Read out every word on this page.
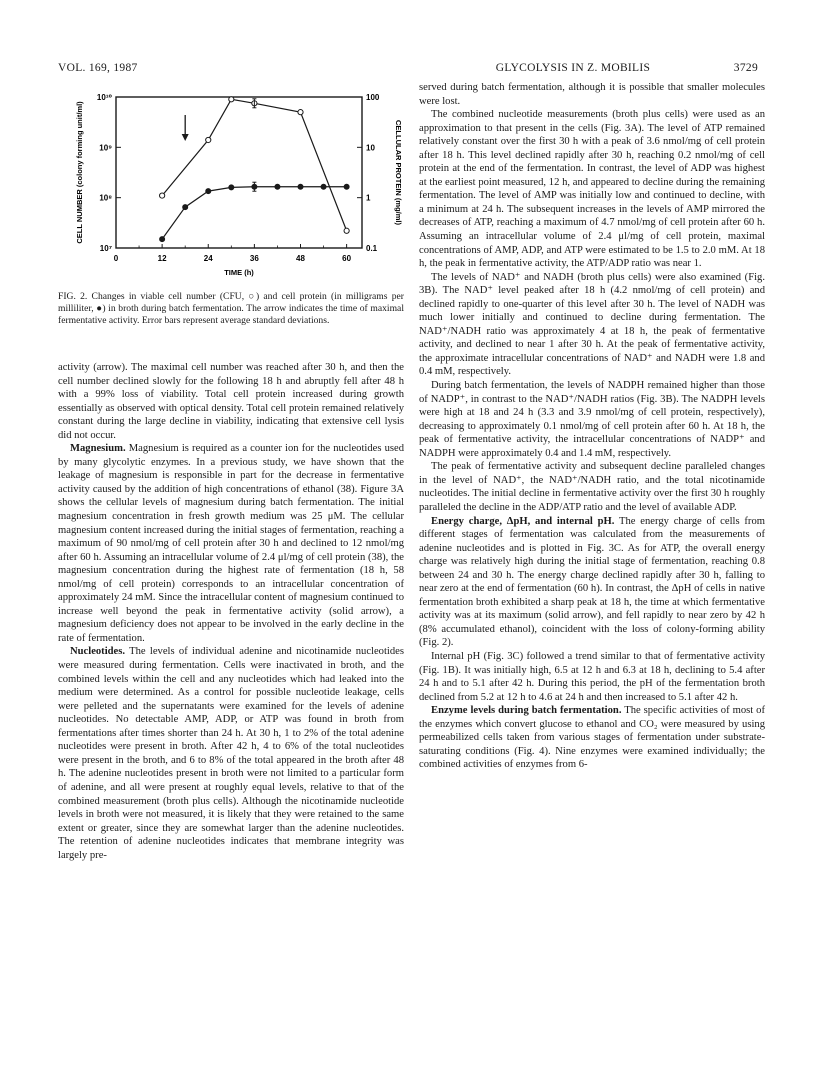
VOL. 169, 1987	GLYCOLYSIS IN Z. MOBILIS	3729
0	12	24	36	48	60
10¹⁰
10⁹
10⁸
10⁷
100
10
1
0.1
TIME (h)
CELL NUMBER (colony forming unit/ml)	CELLULAR PROTEIN (mg/ml)
FIG. 2. Changes in viable cell number (CFU, ○) and cell protein (in milligrams per milliliter, ●) in broth during batch fermentation. The arrow indicates the time of maximal fermentative activity. Error bars represent average standard deviations.

activity (arrow). The maximal cell number was reached after 30 h, and then the cell number declined slowly for the following 18 h and abruptly fell after 48 h with a 99% loss of viability. Total cell protein increased during growth essentially as observed with optical density. Total cell protein remained relatively constant during the large decline in viability, indicating that extensive cell lysis did not occur.

Magnesium. Magnesium is required as a counter ion for the nucleotides used by many glycolytic enzymes. In a previous study, we have shown that the leakage of magnesium is responsible in part for the decrease in fermentative activity caused by the addition of high concentrations of ethanol (38). Figure 3A shows the cellular levels of magnesium during batch fermentation. The initial magnesium concentration in fresh growth medium was 25 μM. The cellular magnesium content increased during the initial stages of fermentation, reaching a maximum of 90 nmol/mg of cell protein after 30 h and declined to 12 nmol/mg after 60 h. Assuming an intracellular volume of 2.4 μl/mg of cell protein (38), the magnesium concentration during the highest rate of fermentation (18 h, 58 nmol/mg of cell protein) corresponds to an intracellular concentration of approximately 24 mM. Since the intracellular content of magnesium continued to increase well beyond the peak in fermentative activity (solid arrow), a magnesium deficiency does not appear to be involved in the early decline in the rate of fermentation.

Nucleotides. The levels of individual adenine and nicotinamide nucleotides were measured during fermentation. Cells were inactivated in broth, and the combined levels within the cell and any nucleotides which had leaked into the medium were determined. As a control for possible nucleotide leakage, cells were pelleted and the supernatants were examined for the levels of adenine nucleotides. No detectable AMP, ADP, or ATP was found in broth from fermentations after times shorter than 24 h. At 30 h, 1 to 2% of the total adenine nucleotides were present in broth. After 42 h, 4 to 6% of the total nucleotides were present in the broth, and 6 to 8% of the total appeared in the broth after 48 h. The adenine nucleotides present in broth were not limited to a particular form of adenine, and all were present at roughly equal levels, relative to that of the combined measurement (broth plus cells). Although the nicotinamide nucleotide levels in broth were not measured, it is likely that they were retained to the same extent or greater, since they are somewhat larger than the adenine nucleotides. The retention of adenine nucleotides indicates that membrane integrity was largely pre-

served during batch fermentation, although it is possible that smaller molecules were lost.

The combined nucleotide measurements (broth plus cells) were used as an approximation to that present in the cells (Fig. 3A). The level of ATP remained relatively constant over the first 30 h with a peak of 3.6 nmol/mg of cell protein after 18 h. This level declined rapidly after 30 h, reaching 0.2 nmol/mg of cell protein at the end of the fermentation. In contrast, the level of ADP was highest at the earliest point measured, 12 h, and appeared to decline during the remaining fermentation. The level of AMP was initially low and continued to decline, with a minimum at 24 h. The subsequent increases in the levels of AMP mirrored the decreases of ATP, reaching a maximum of 4.7 nmol/mg of cell protein after 60 h. Assuming an intracellular volume of 2.4 μl/mg of cell protein, maximal concentrations of AMP, ADP, and ATP were estimated to be 1.5 to 2.0 mM. At 18 h, the peak in fermentative activity, the ATP/ADP ratio was near 1.

The levels of NAD⁺ and NADH (broth plus cells) were also examined (Fig. 3B). The NAD⁺ level peaked after 18 h (4.2 nmol/mg of cell protein) and declined rapidly to one-quarter of this level after 30 h. The level of NADH was much lower initially and continued to decline during fermentation. The NAD⁺/NADH ratio was approximately 4 at 18 h, the peak of fermentative activity, and declined to near 1 after 30 h. At the peak of fermentative activity, the approximate intracellular concentrations of NAD⁺ and NADH were 1.8 and 0.4 mM, respectively.

During batch fermentation, the levels of NADPH remained higher than those of NADP⁺, in contrast to the NAD⁺/NADH ratios (Fig. 3B). The NADPH levels were high at 18 and 24 h (3.3 and 3.9 nmol/mg of cell protein, respectively), decreasing to approximately 0.1 nmol/mg of cell protein after 60 h. At 18 h, the peak of fermentative activity, the intracellular concentrations of NADP⁺ and NADPH were approximately 0.4 and 1.4 mM, respectively.

The peak of fermentative activity and subsequent decline paralleled changes in the level of NAD⁺, the NAD⁺/NADH ratio, and the total nicotinamide nucleotides. The initial decline in fermentative activity over the first 30 h roughly paralleled the decline in the ADP/ATP ratio and the level of available ADP.

Energy charge, ΔpH, and internal pH. The energy charge of cells from different stages of fermentation was calculated from the measurements of adenine nucleotides and is plotted in Fig. 3C. As for ATP, the overall energy charge was relatively high during the initial stage of fermentation, reaching 0.8 between 24 and 30 h. The energy charge declined rapidly after 30 h, falling to near zero at the end of fermentation (60 h). In contrast, the ΔpH of cells in native fermentation broth exhibited a sharp peak at 18 h, the time at which fermentative activity was at its maximum (solid arrow), and fell rapidly to near zero by 42 h (8% accumulated ethanol), coincident with the loss of colony-forming ability (Fig. 2).

Internal pH (Fig. 3C) followed a trend similar to that of fermentative activity (Fig. 1B). It was initially high, 6.5 at 12 h and 6.3 at 18 h, declining to 5.4 after 24 h and to 5.1 after 42 h. During this period, the pH of the fermentation broth declined from 5.2 at 12 h to 4.6 at 24 h and then increased to 5.1 after 42 h.

Enzyme levels during batch fermentation. The specific activities of most of the enzymes which convert glucose to ethanol and CO₂ were measured by using permeabilized cells taken from various stages of fermentation under substrate-saturating conditions (Fig. 4). Nine enzymes were examined individually; the combined activities of enzymes from 6-
